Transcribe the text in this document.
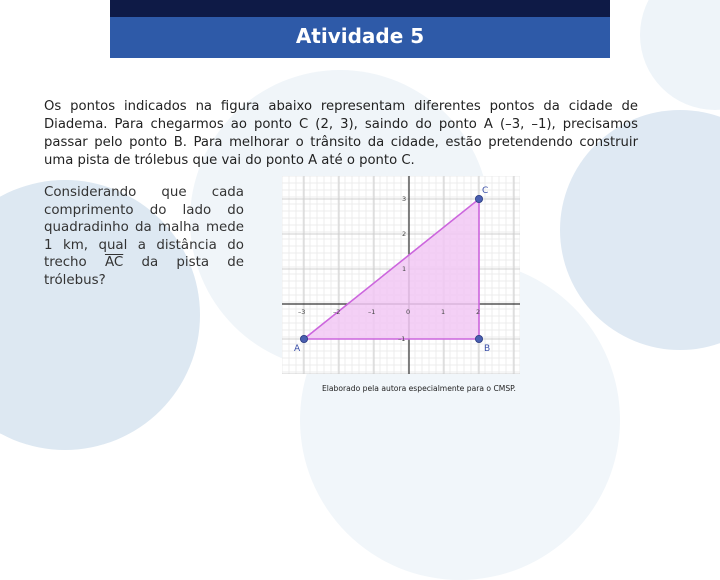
Atividade 5
Os pontos indicados na figura abaixo representam diferentes pontos da cidade de Diadema. Para chegarmos ao ponto C (2, 3), saindo do ponto A (–3, –1), precisamos passar pelo ponto B. Para melhorar o trânsito da cidade, estão pretendendo construir uma pista de trólebus que vai do ponto A até o ponto C.
Considerando que cada comprimento do lado do quadradinho da malha mede 1 km, qual a distância do trecho $\overline{AC}$ da pista de trólebus?
–3	–2	–1	0	1	2
3
2
1
–1
A	B
C
Elaborado pela autora especialmente para o CMSP.
